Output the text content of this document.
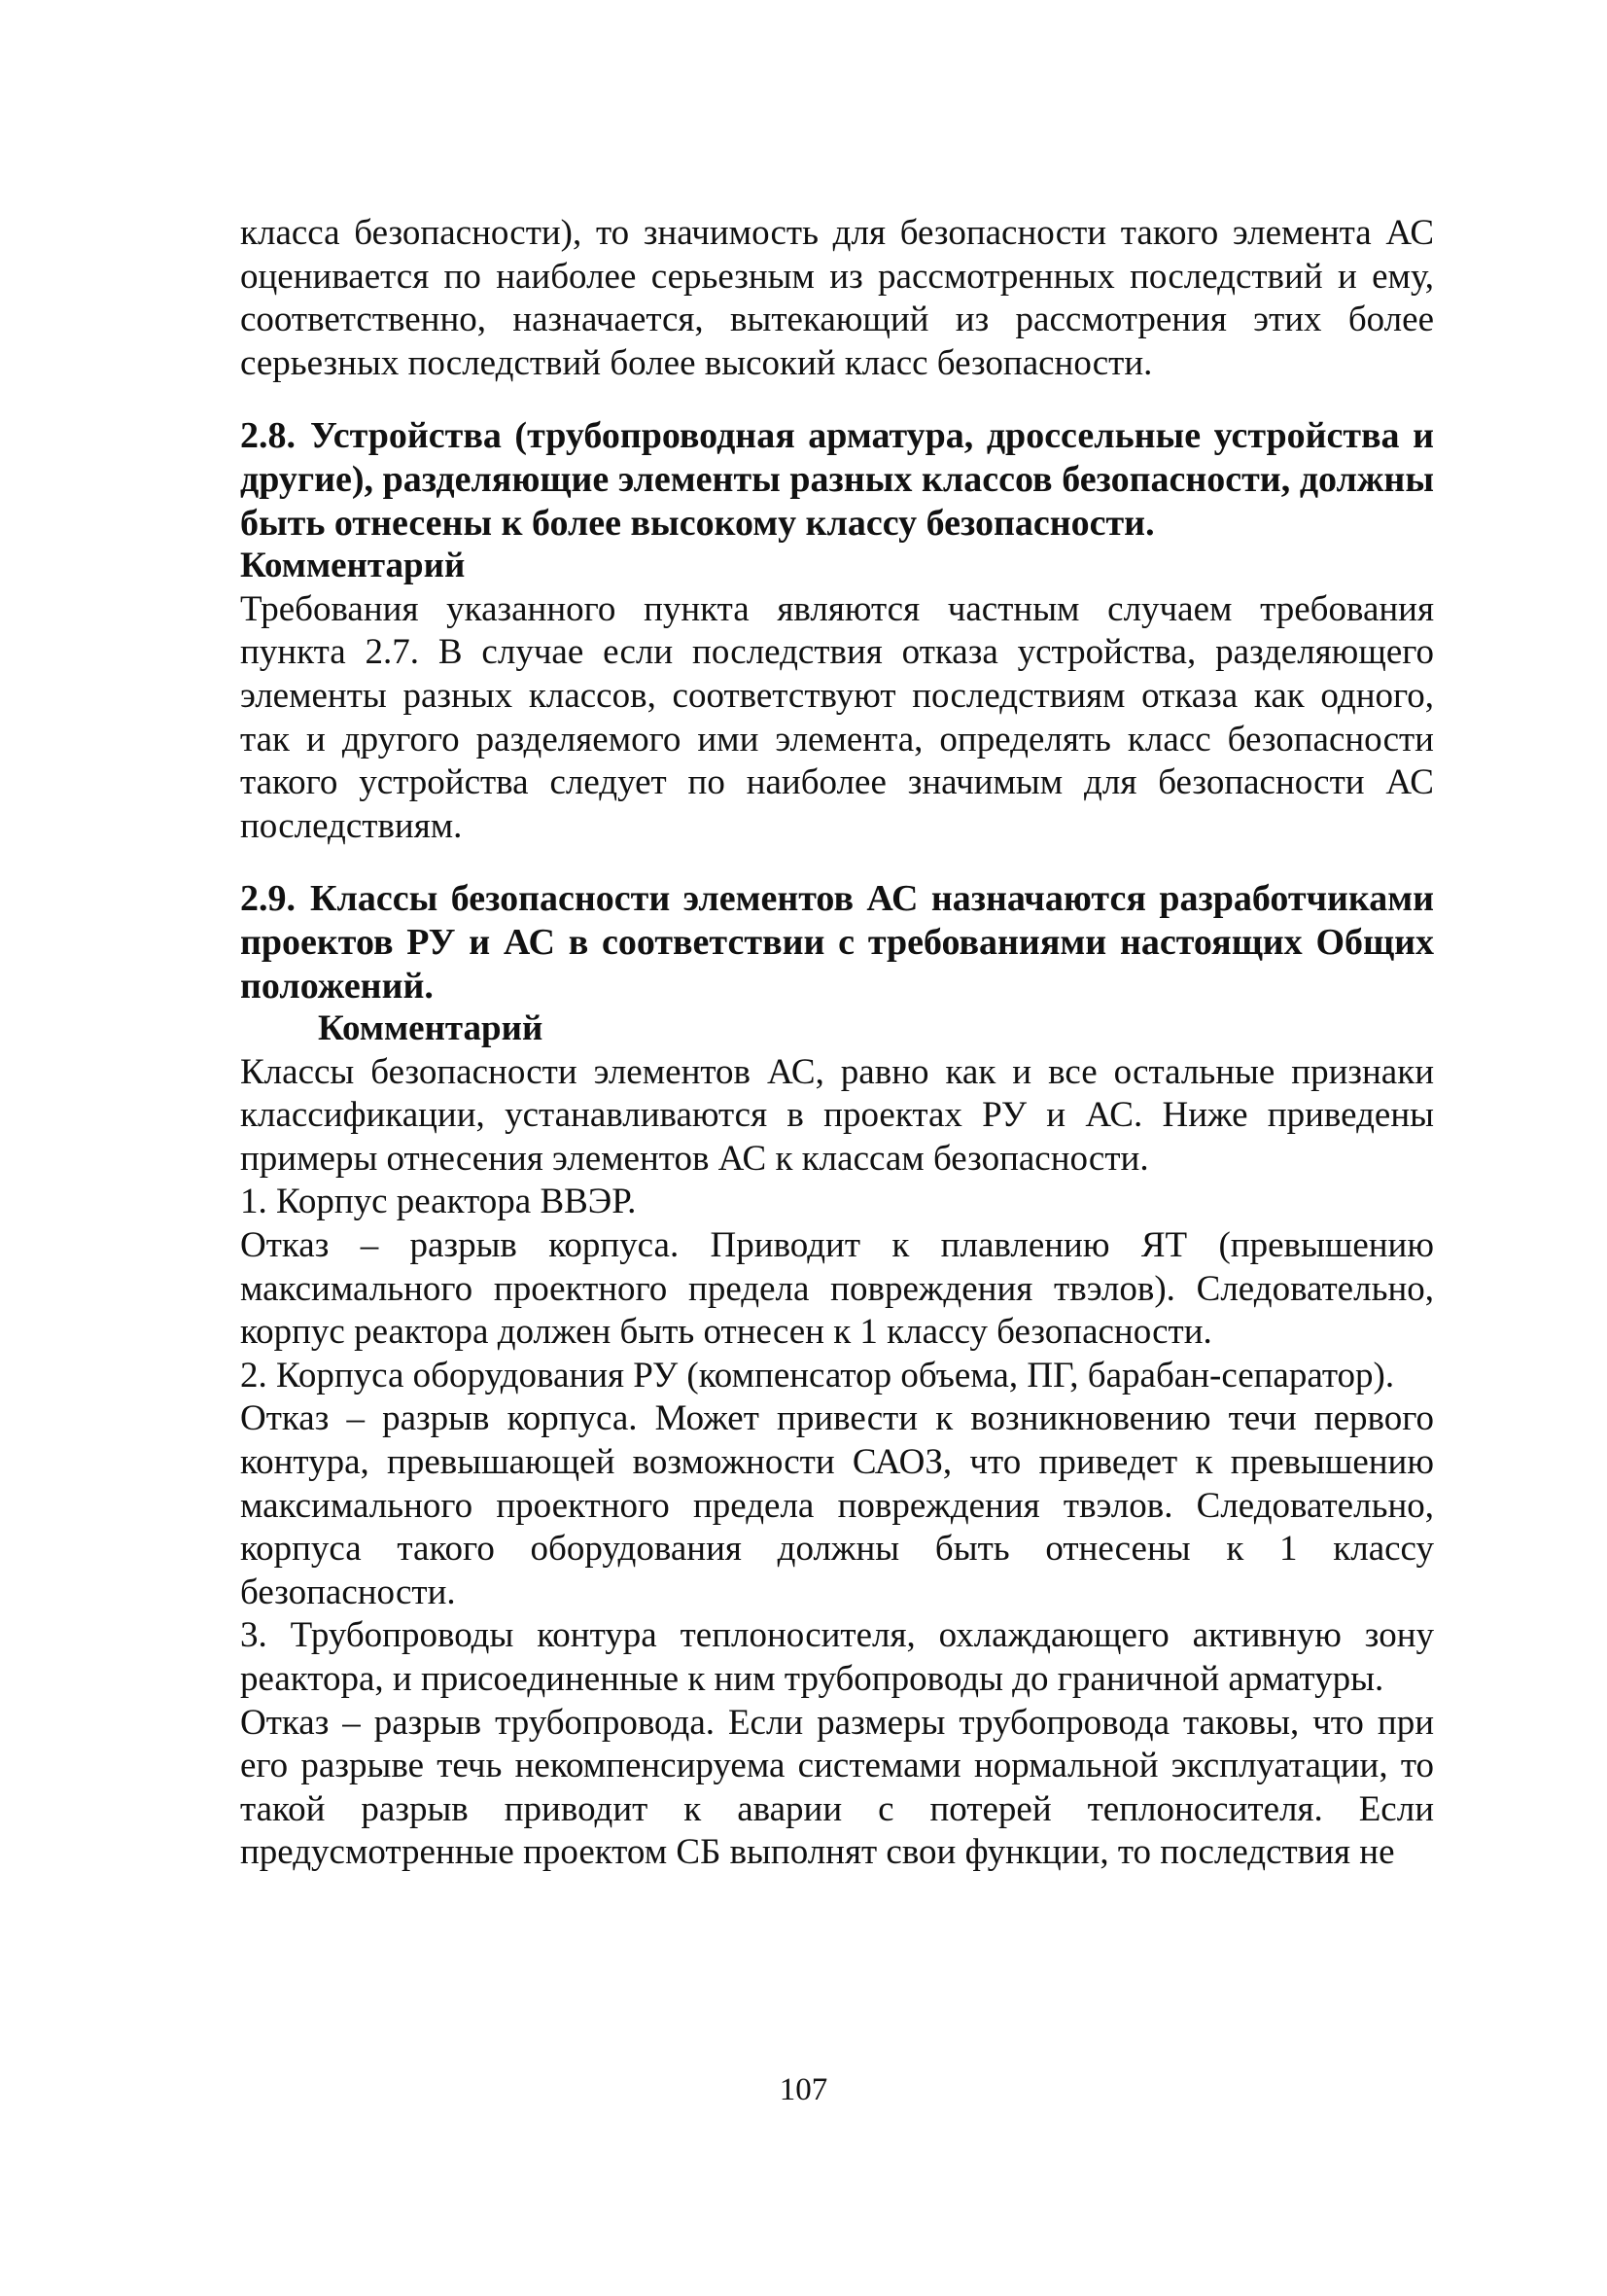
класса безопасности), то значимость для безопасности такого элемента АС оценивается по наиболее серьезным из рассмотренных последствий и ему, соответственно, назначается, вытекающий из рассмотрения этих более серьезных последствий более высокий класс безопасности.

2.8. Устройства (трубопроводная арматура, дроссельные устройства и другие), разделяющие элементы разных классов безопасности, должны быть отнесены к более высокому классу безопасности.

Комментарий

Требования указанного пункта являются частным случаем требования пункта 2.7. В случае если последствия отказа устройства, разделяющего элементы разных классов, соответствуют последствиям отказа как одного, так и другого разделяемого ими элемента, определять класс безопасности такого устройства следует по наиболее значимым для безопасности АС последствиям.

2.9. Классы безопасности элементов АС назначаются разработчиками проектов РУ и АС в соответствии с требованиями настоящих Общих положений.

Комментарий

Классы безопасности элементов АС, равно как и все остальные признаки классификации, устанавливаются в проектах РУ и АС. Ниже приведены примеры отнесения элементов АС к классам безопасности.

1. Корпус реактора ВВЭР.

Отказ – разрыв корпуса. Приводит к плавлению ЯТ (превышению максимального проектного предела повреждения твэлов). Следовательно, корпус реактора должен быть отнесен к 1 классу безопасности.

2. Корпуса оборудования РУ (компенсатор объема, ПГ, барабан-сепаратор).

Отказ – разрыв корпуса. Может привести к возникновению течи первого контура, превышающей возможности САОЗ, что приведет к превышению максимального проектного предела повреждения твэлов. Следовательно, корпуса такого оборудования должны быть отнесены к 1 классу безопасности.

3. Трубопроводы контура теплоносителя, охлаждающего активную зону реактора, и присоединенные к ним трубопроводы до граничной арматуры.

Отказ – разрыв трубопровода. Если размеры трубопровода таковы, что при его разрыве течь некомпенсируема системами нормальной эксплуатации, то такой разрыв приводит к аварии с потерей теплоносителя. Если предусмотренные проектом СБ выполнят свои функции, то последствия не

107
